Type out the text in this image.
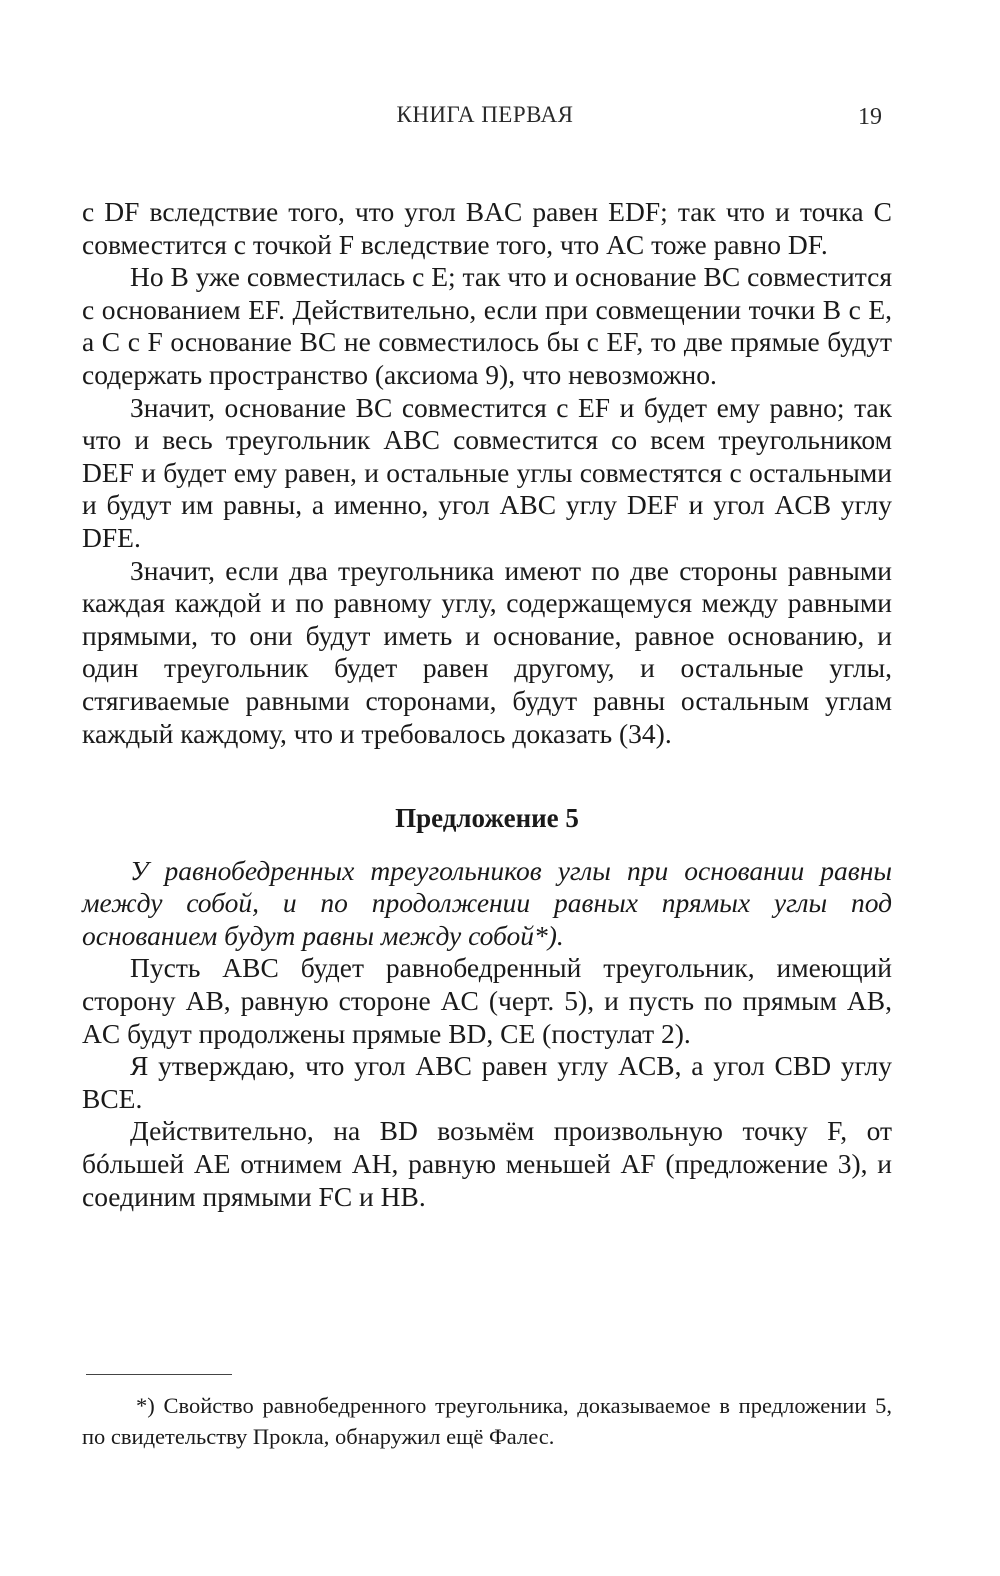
КНИГА ПЕРВАЯ	19

с DF вследствие того, что угол BAC равен EDF; так что и точка C совместится с точкой F вследствие того, что AC тоже равно DF.

Но B уже совместилась с E; так что и основание BC совместится с основанием EF. Действительно, если при совмещении точки B с E, а C с F основание BC не совместилось бы с EF, то две прямые будут содержать пространство (аксиома 9), что невозможно.

Значит, основание BC совместится с EF и будет ему равно; так что и весь треугольник ABC совместится со всем треугольником DEF и будет ему равен, и остальные углы совместятся с остальными и будут им равны, а именно, угол ABC углу DEF и угол ACB углу DFE.

Значит, если два треугольника имеют по две стороны равными каждая каждой и по равному углу, содержащемуся между равными прямыми, то они будут иметь и основание, равное основанию, и один треугольник будет равен другому, и остальные углы, стягиваемые равными сторонами, будут равны остальным углам каждый каждому, что и требовалось доказать (34).

Предложение 5

У равнобедренных треугольников углы при основании равны между собой, и по продолжении равных прямых углы под основанием будут равны между собой*).

Пусть ABC будет равнобедренный треугольник, имеющий сторону AB, равную стороне AC (черт. 5), и пусть по прямым AB, AC будут продолжены прямые BD, CE (постулат 2).

Я утверждаю, что угол ABC равен углу ACB, а угол CBD углу BCE.

Действительно, на BD возьмём произвольную точку F, от бóльшей AE отнимем AH, равную меньшей AF (предложение 3), и соединим прямыми FC и HB.

*) Свойство равнобедренного треугольника, доказываемое в предложении 5, по свидетельству Прокла, обнаружил ещё Фалес.
